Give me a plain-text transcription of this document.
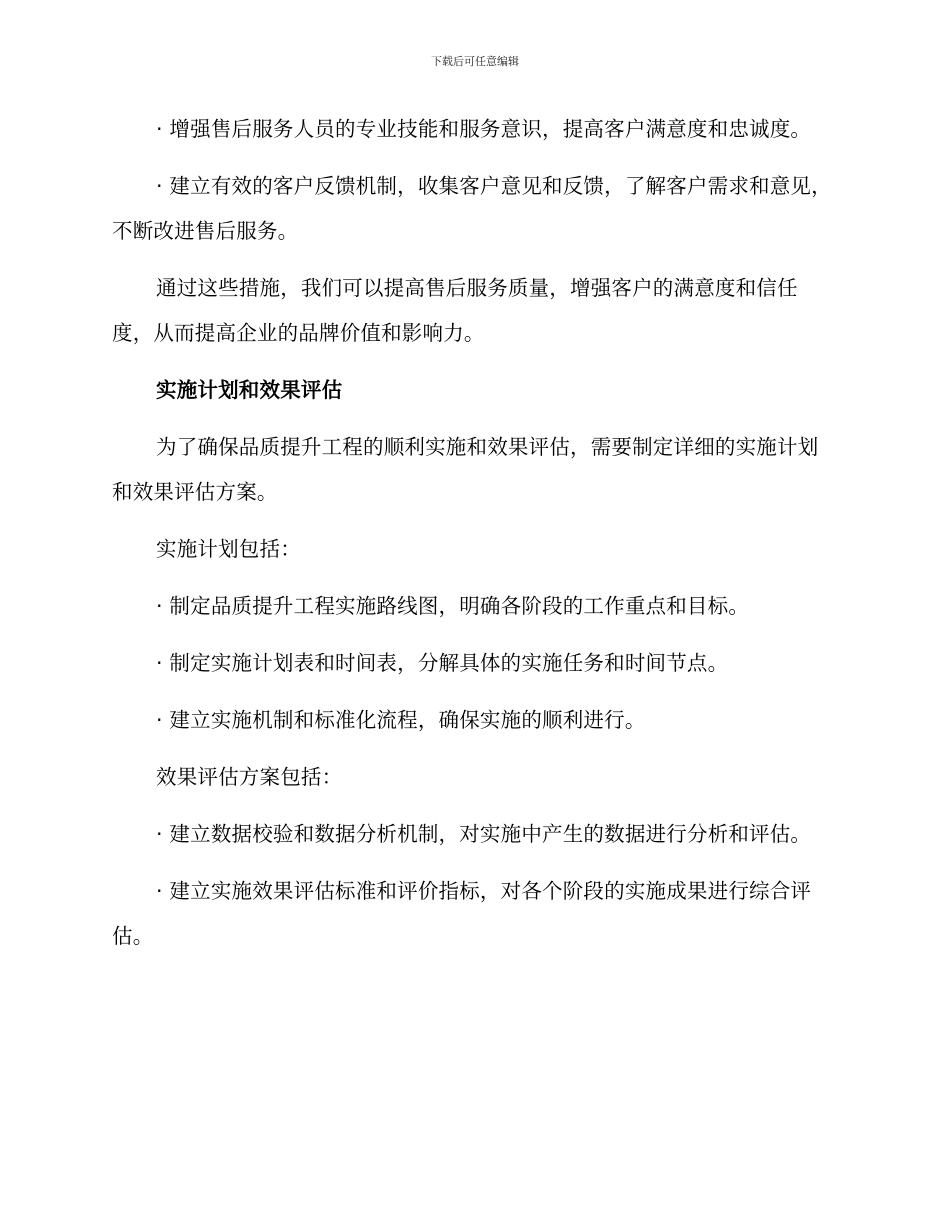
下载后可任意编辑

· 增强售后服务人员的专业技能和服务意识，提高客户满意度和忠诚度。

· 建立有效的客户反馈机制，收集客户意见和反馈，了解客户需求和意见，不断改进售后服务。

通过这些措施，我们可以提高售后服务质量，增强客户的满意度和信任度，从而提高企业的品牌价值和影响力。

实施计划和效果评估

为了确保品质提升工程的顺利实施和效果评估，需要制定详细的实施计划和效果评估方案。

实施计划包括：

· 制定品质提升工程实施路线图，明确各阶段的工作重点和目标。

· 制定实施计划表和时间表，分解具体的实施任务和时间节点。

· 建立实施机制和标准化流程，确保实施的顺利进行。

效果评估方案包括：

· 建立数据校验和数据分析机制，对实施中产生的数据进行分析和评估。

· 建立实施效果评估标准和评价指标，对各个阶段的实施成果进行综合评估。
